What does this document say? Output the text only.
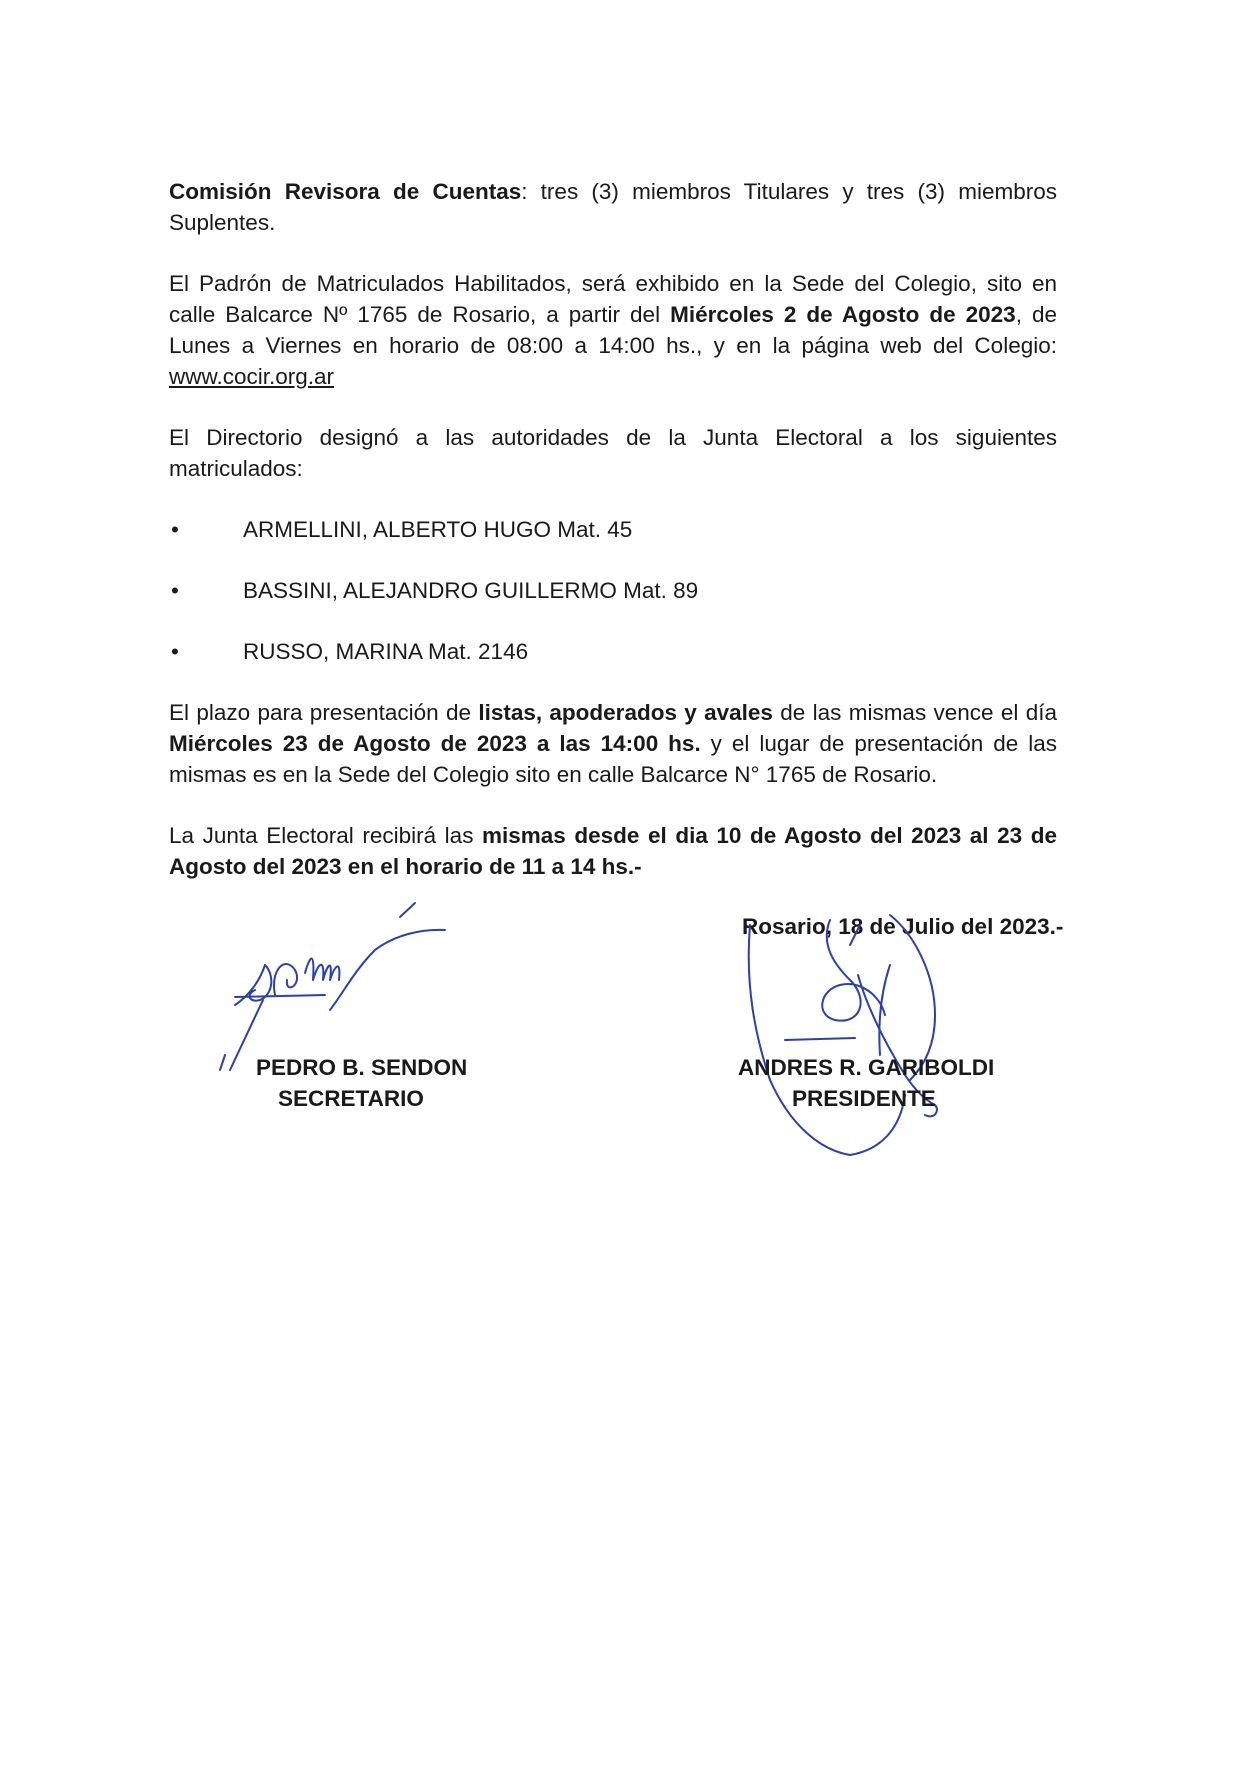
Comisión Revisora de Cuentas: tres (3) miembros Titulares y tres (3) miembros Suplentes.

El Padrón de Matriculados Habilitados, será exhibido en la Sede del Colegio, sito en calle Balcarce Nº 1765 de Rosario, a partir del Miércoles 2 de Agosto de 2023, de Lunes a Viernes en horario de 08:00 a 14:00 hs., y en la página web del Colegio: www.cocir.org.ar

El Directorio designó a las autoridades de la Junta Electoral a los siguientes matriculados:

•	ARMELLINI, ALBERTO HUGO Mat. 45
•	BASSINI, ALEJANDRO GUILLERMO Mat. 89
•	RUSSO, MARINA Mat. 2146

El plazo para presentación de listas, apoderados y avales de las mismas vence el día Miércoles 23 de Agosto de 2023 a las 14:00 hs. y el lugar de presentación de las mismas es en la Sede del Colegio sito en calle Balcarce N° 1765 de Rosario.

La Junta Electoral recibirá las mismas desde el dia 10 de Agosto del 2023 al 23 de Agosto del 2023 en el horario de 11 a 14 hs.-

Rosario, 18 de Julio del 2023.-
PEDRO B. SENDON
SECRETARIO
ANDRES R. GARIBOLDI
PRESIDENTE
